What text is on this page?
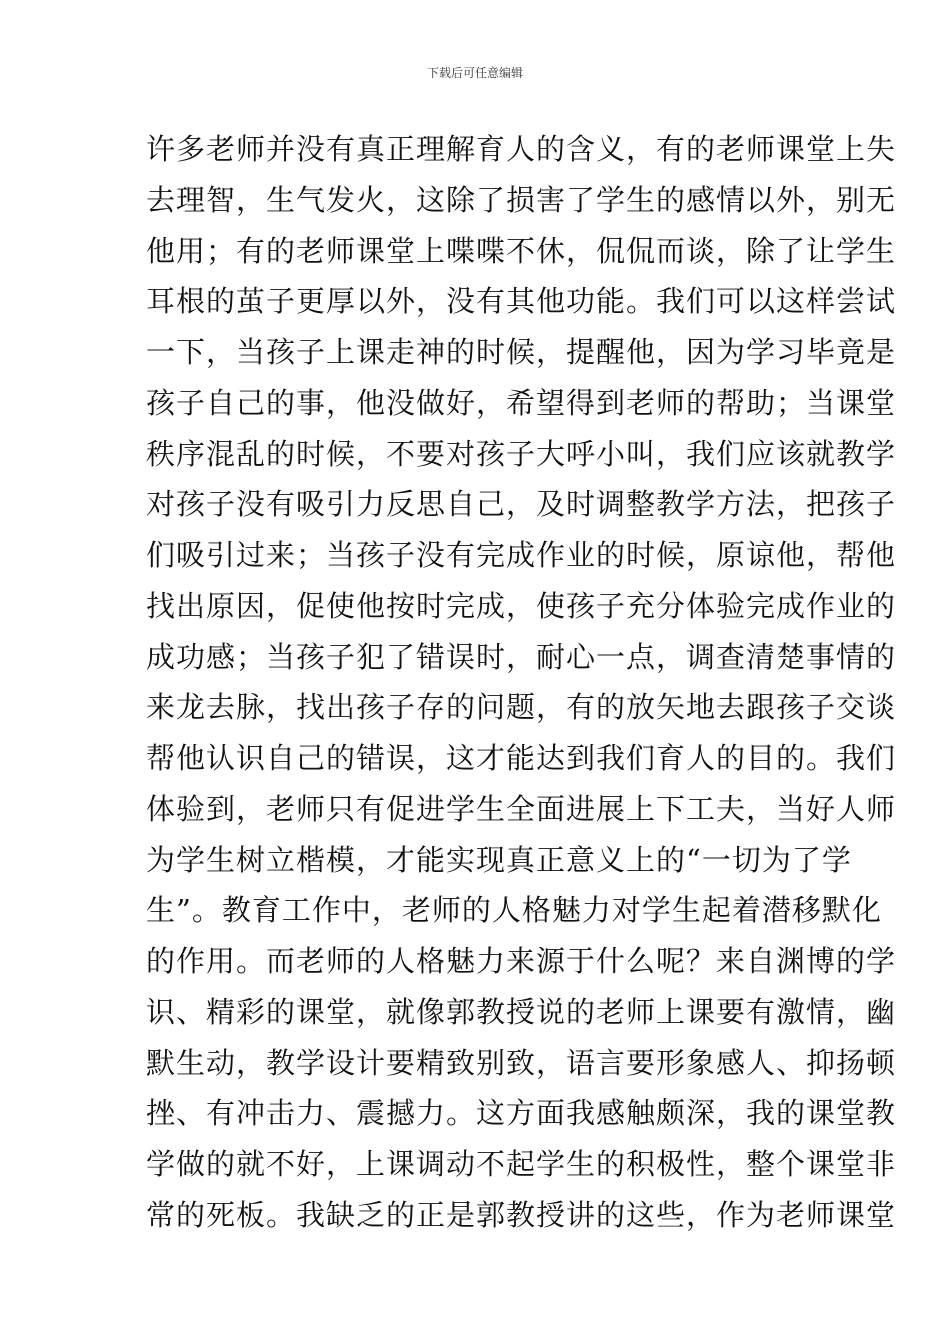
下载后可任意编辑
许多老师并没有真正理解育人的含义，有的老师课堂上失
去理智，生气发火，这除了损害了学生的感情以外，别无
他用；有的老师课堂上喋喋不休，侃侃而谈，除了让学生
耳根的茧子更厚以外，没有其他功能。我们可以这样尝试
一下，当孩子上课走神的时候，提醒他，因为学习毕竟是
孩子自己的事，他没做好，希望得到老师的帮助；当课堂
秩序混乱的时候，不要对孩子大呼小叫，我们应该就教学
对孩子没有吸引力反思自己，及时调整教学方法，把孩子
们吸引过来；当孩子没有完成作业的时候，原谅他，帮他
找出原因，促使他按时完成，使孩子充分体验完成作业的
成功感；当孩子犯了错误时，耐心一点，调查清楚事情的
来龙去脉，找出孩子存的问题，有的放矢地去跟孩子交谈
帮他认识自己的错误，这才能达到我们育人的目的。我们
体验到，老师只有促进学生全面进展上下工夫，当好人师
为学生树立楷模，才能实现真正意义上的“一切为了学
生”。教育工作中，老师的人格魅力对学生起着潜移默化
的作用。而老师的人格魅力来源于什么呢？来自渊博的学
识、精彩的课堂，就像郭教授说的老师上课要有激情，幽
默生动，教学设计要精致别致，语言要形象感人、抑扬顿
挫、有冲击力、震撼力。这方面我感触颇深，我的课堂教
学做的就不好，上课调动不起学生的积极性，整个课堂非
常的死板。我缺乏的正是郭教授讲的这些，作为老师课堂
